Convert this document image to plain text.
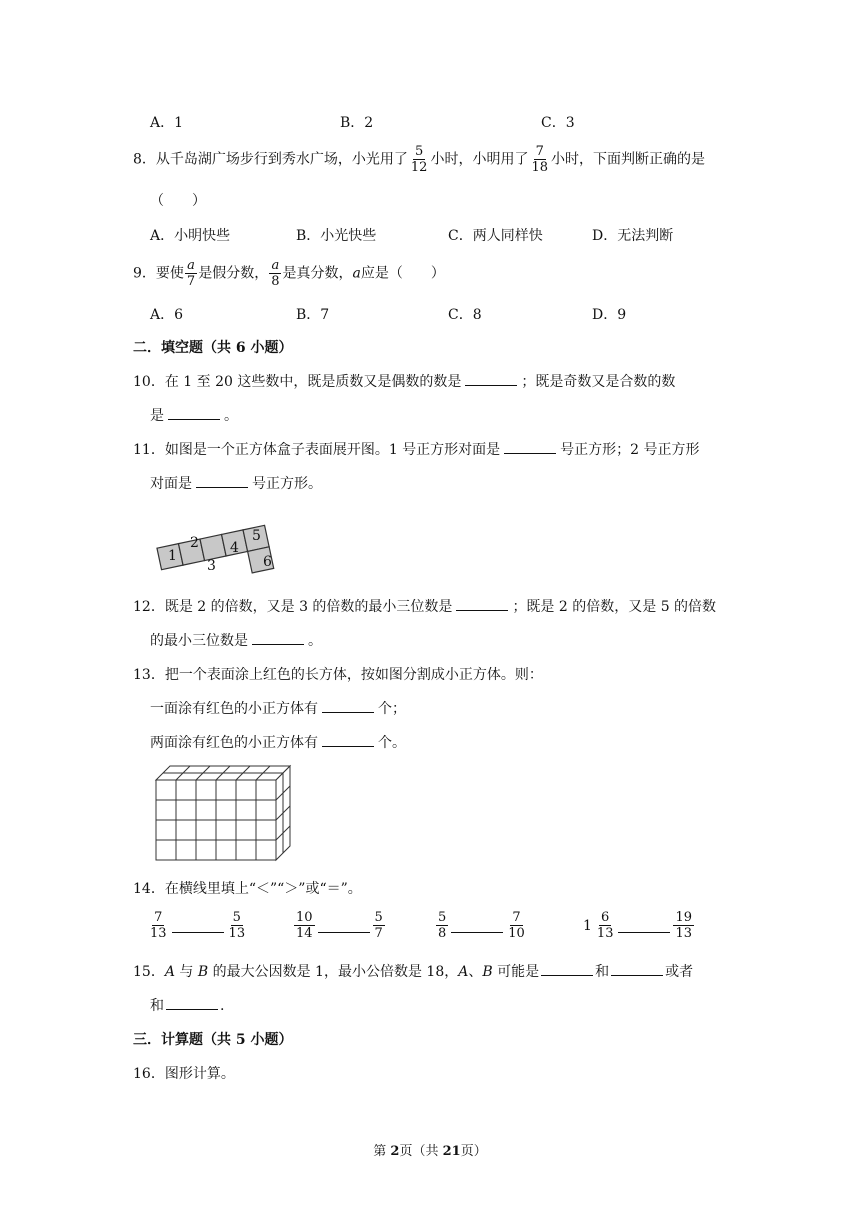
A．1	B．2	C．3
8．从千岛湖广场步行到秀水广场，小光用了 $\frac{5}{12}$ 小时，小明用了 $\frac{7}{18}$ 小时，下面判断正确的是
（　　）
A．小明快些	B．小光快些	C．两人同样快	D．无法判断
9．要使 $\frac{a}{7}$ 是假分数， $\frac{a}{8}$ 是真分数，a应是（　　）
A．6	B．7	C．8	D．9
二．填空题（共 6 小题）
10．在 1 至 20 这些数中，既是质数又是偶数的数是	；既是奇数又是合数的数
是	。
11．如图是一个正方体盒子表面展开图。1 号正方形对面是	号正方形；2 号正方形
对面是	号正方形。
1
2
3
4
5
6
12．既是 2 的倍数，又是 3 的倍数的最小三位数是	；既是 2 的倍数，又是 5 的倍数
的最小三位数是	。
13．把一个表面涂上红色的长方体，按如图分割成小正方体。则：
一面涂有红色的小正方体有	个；
两面涂有红色的小正方体有	个。
14．在横线里填上“＜”“＞”或“＝”。
$\frac{7}{13}$	$\frac{5}{13}$	$\frac{10}{14}$	$\frac{5}{7}$	$\frac{5}{8}$	$\frac{7}{10}$	$1 \frac{6}{13}$	$\frac{19}{13}$
15．A 与 B 的最大公因数是 1，最小公倍数是 18，A、B 可能是	和	或者
和	.
三．计算题（共 5 小题）
16．图形计算。
第 2页（共 21页）
